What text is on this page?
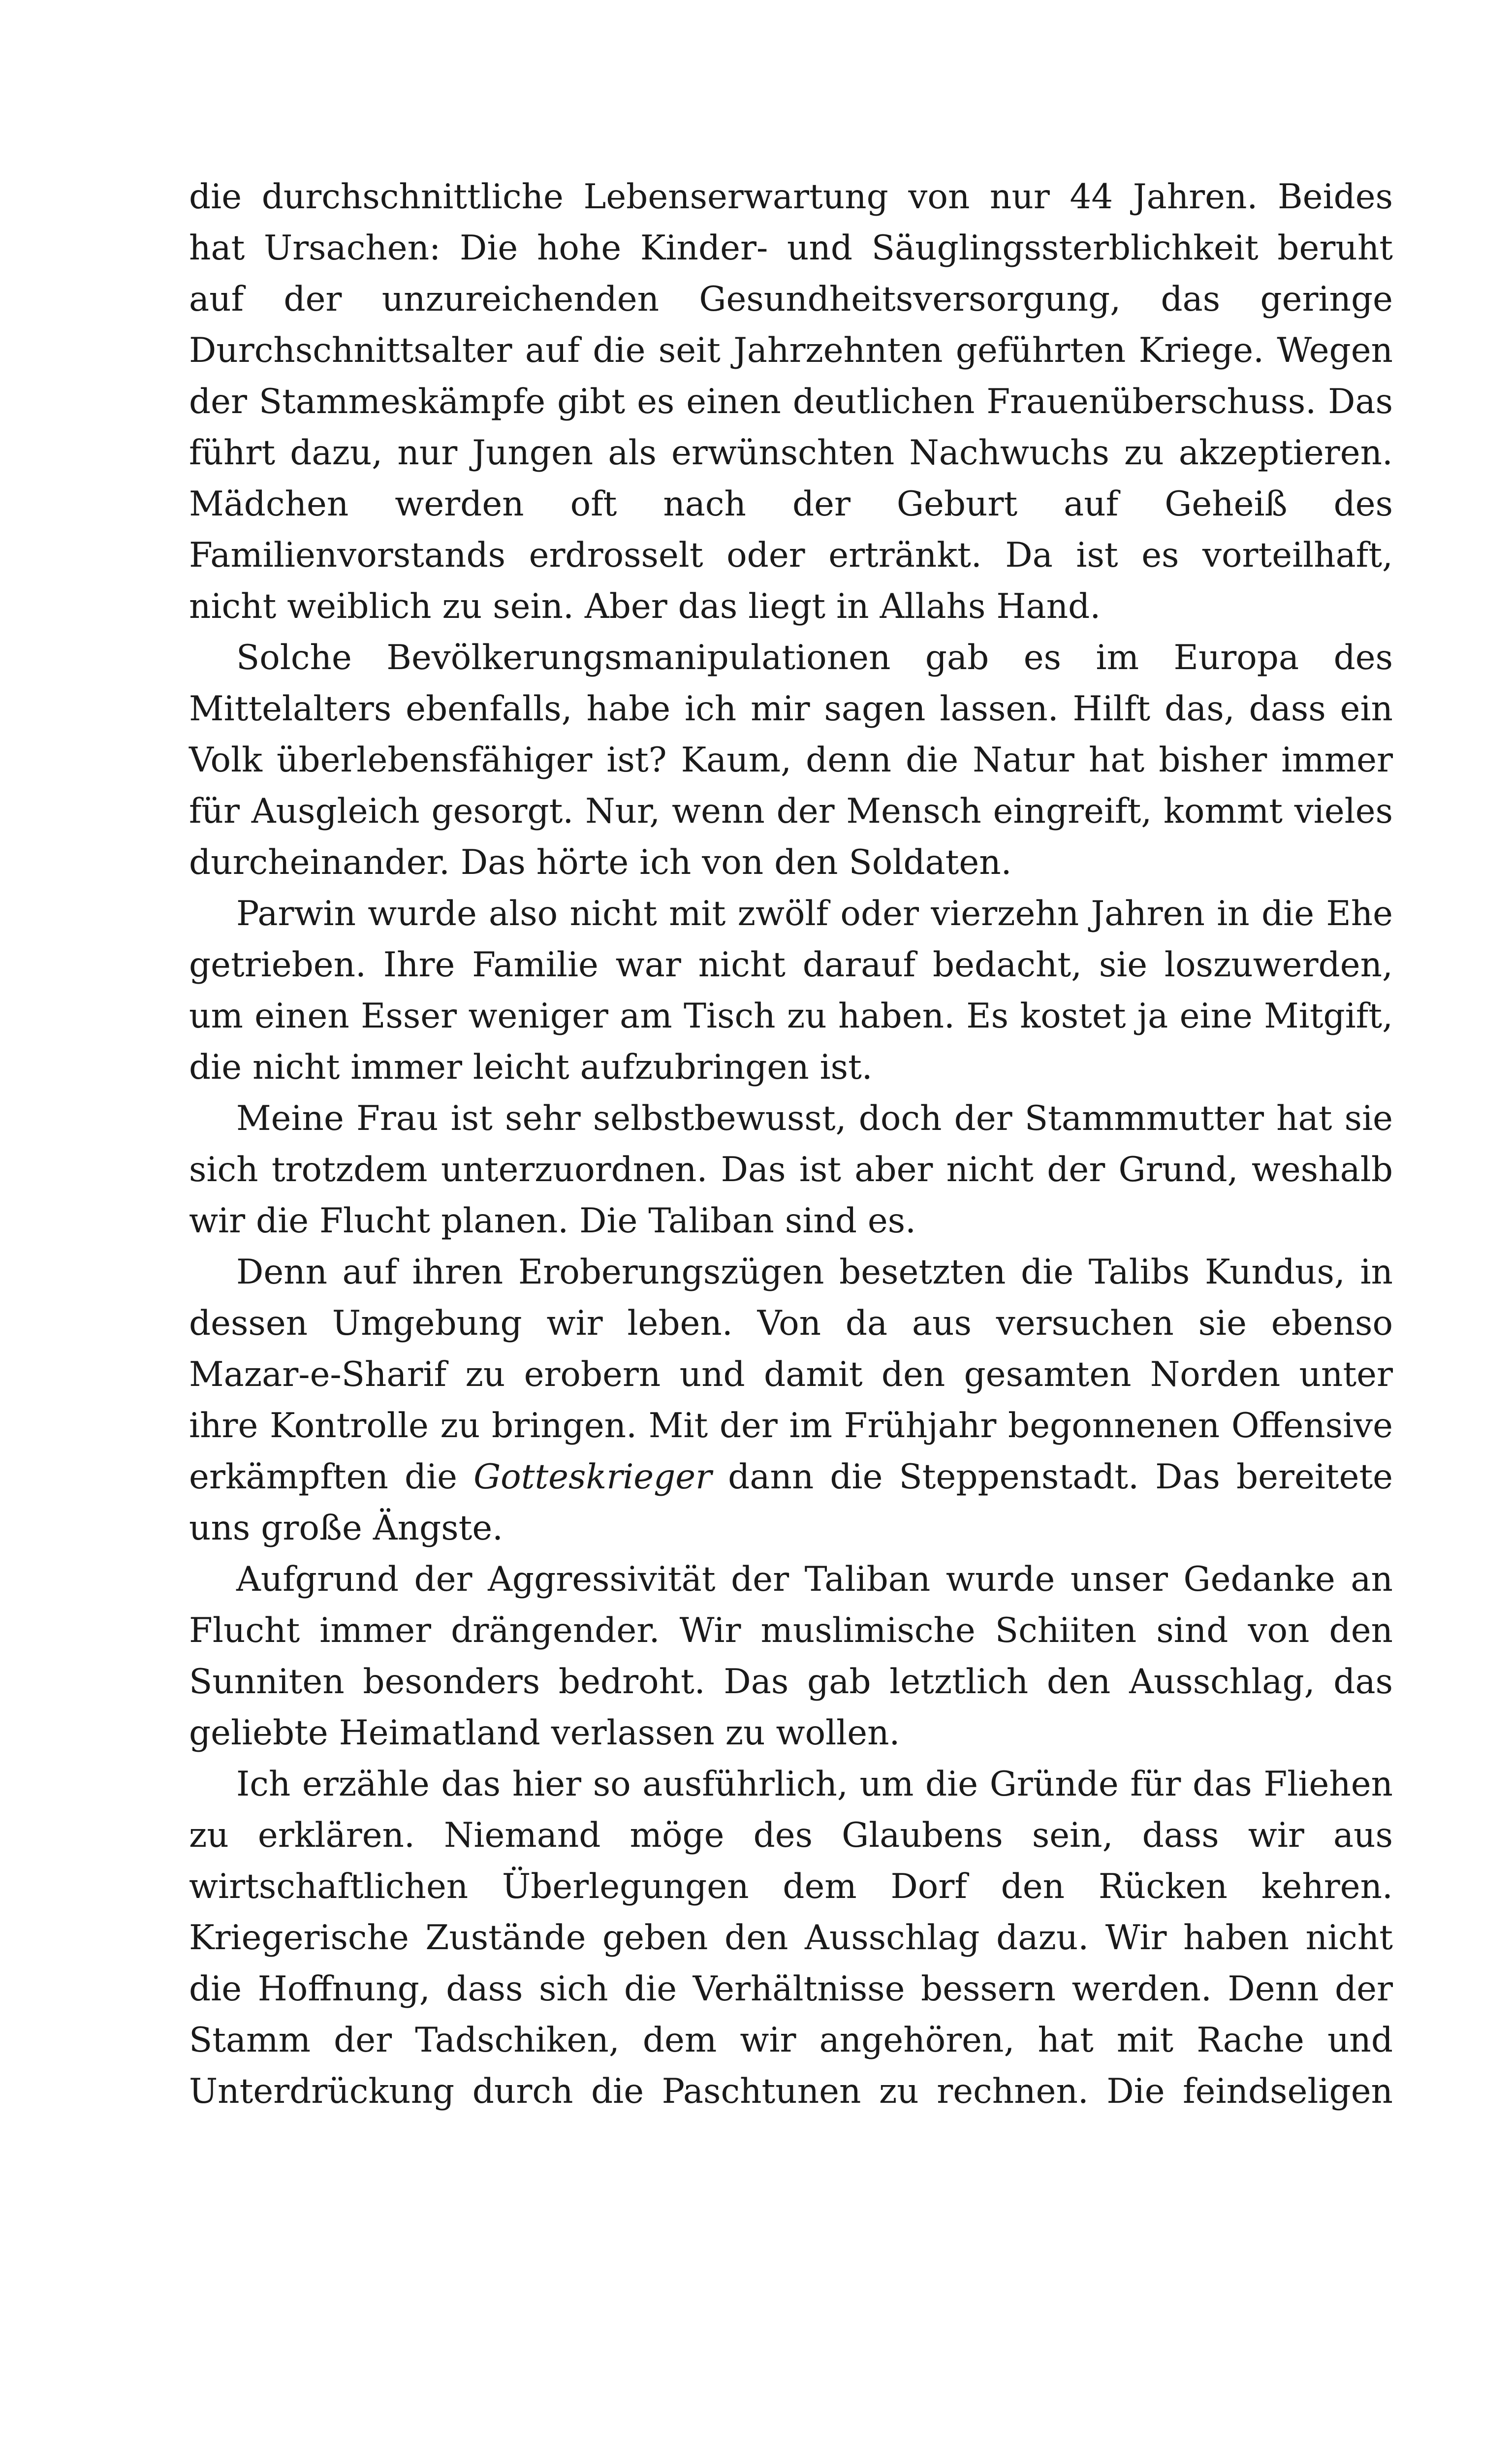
die durchschnittliche Lebenserwartung von nur 44 Jahren. Beides hat Ursachen: Die hohe Kinder- und Säuglingssterblichkeit beruht auf der unzureichenden Gesundheitsversorgung, das geringe Durchschnittsalter auf die seit Jahrzehnten geführten Kriege. Wegen der Stammeskämpfe gibt es einen deutlichen Frauenüberschuss. Das führt dazu, nur Jungen als erwünschten Nachwuchs zu akzeptieren. Mädchen werden oft nach der Geburt auf Geheiß des Familienvorstands erdrosselt oder ertränkt. Da ist es vorteilhaft, nicht weiblich zu sein. Aber das liegt in Allahs Hand.

Solche Bevölkerungsmanipulationen gab es im Europa des Mittelalters ebenfalls, habe ich mir sagen lassen. Hilft das, dass ein Volk überlebensfähiger ist? Kaum, denn die Natur hat bisher immer für Ausgleich gesorgt. Nur, wenn der Mensch eingreift, kommt vieles durcheinander. Das hörte ich von den Soldaten.

Parwin wurde also nicht mit zwölf oder vierzehn Jahren in die Ehe getrieben. Ihre Familie war nicht darauf bedacht, sie loszuwerden, um einen Esser weniger am Tisch zu haben. Es kostet ja eine Mitgift, die nicht immer leicht aufzubringen ist.

Meine Frau ist sehr selbstbewusst, doch der Stammmutter hat sie sich trotzdem unterzuordnen. Das ist aber nicht der Grund, weshalb wir die Flucht planen. Die Taliban sind es.

Denn auf ihren Eroberungszügen besetzten die Talibs Kundus, in dessen Umgebung wir leben. Von da aus versuchen sie ebenso Mazar-e-Sharif zu erobern und damit den gesamten Norden unter ihre Kontrolle zu bringen. Mit der im Frühjahr begonnenen Offensive erkämpften die Gotteskrieger dann die Steppenstadt. Das bereitete uns große Ängste.

Aufgrund der Aggressivität der Taliban wurde unser Gedanke an Flucht immer drängender. Wir muslimische Schiiten sind von den Sunniten besonders bedroht. Das gab letztlich den Ausschlag, das geliebte Heimatland verlassen zu wollen.

Ich erzähle das hier so ausführlich, um die Gründe für das Fliehen zu erklären. Niemand möge des Glaubens sein, dass wir aus wirtschaftlichen Überlegungen dem Dorf den Rücken kehren. Kriegerische Zustände geben den Ausschlag dazu. Wir haben nicht die Hoffnung, dass sich die Verhältnisse bessern werden. Denn der Stamm der Tadschiken, dem wir angehören, hat mit Rache und Unterdrückung durch die Paschtunen zu rechnen. Die feindseligen
